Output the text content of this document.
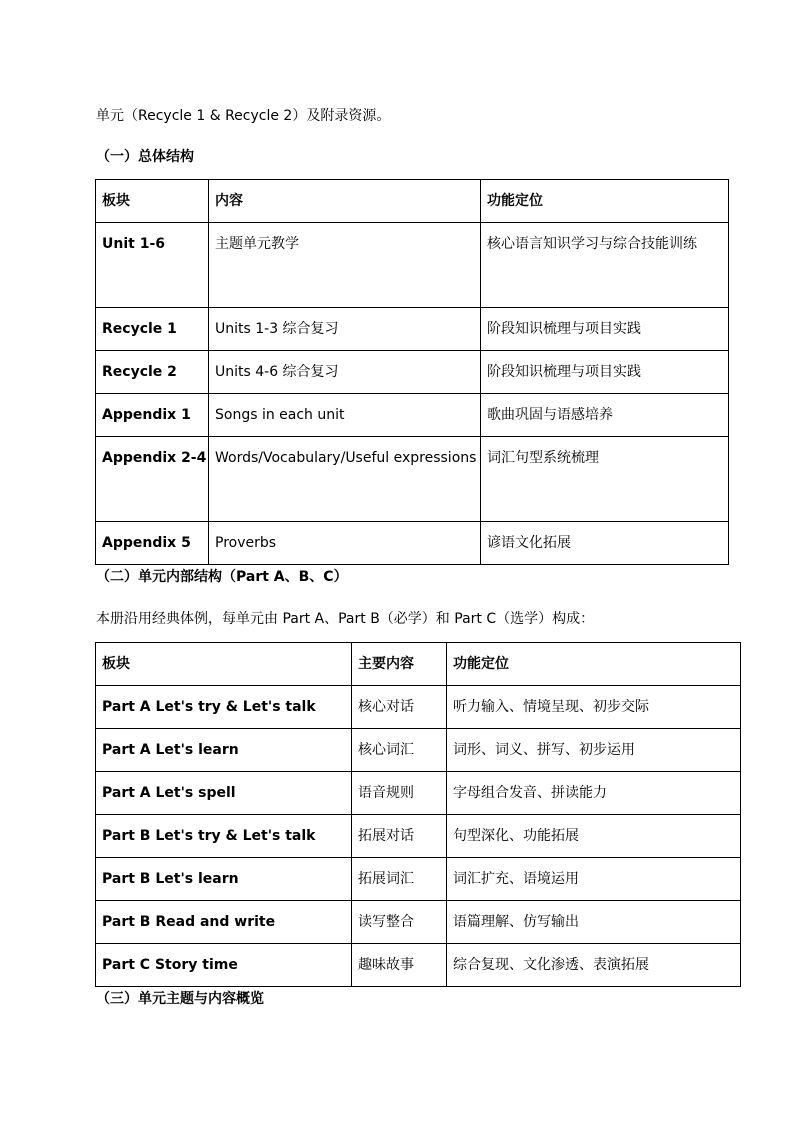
单元（Recycle 1 & Recycle 2）及附录资源。
（一）总体结构
板块	内容	功能定位
Unit 1-6	主题单元教学	核心语言知识学习与综合技能训练
Recycle 1	Units 1-3 综合复习	阶段知识梳理与项目实践
Recycle 2	Units 4-6 综合复习	阶段知识梳理与项目实践
Appendix 1	Songs in each unit	歌曲巩固与语感培养
Appendix 2-4	Words/Vocabulary/Useful expressions	词汇句型系统梳理
Appendix 5	Proverbs	谚语文化拓展
（二）单元内部结构（Part A、B、C）
本册沿用经典体例，每单元由 Part A、Part B（必学）和 Part C（选学）构成：
板块	主要内容	功能定位
Part A Let's try & Let's talk	核心对话	听力输入、情境呈现、初步交际
Part A Let's learn	核心词汇	词形、词义、拼写、初步运用
Part A Let's spell	语音规则	字母组合发音、拼读能力
Part B Let's try & Let's talk	拓展对话	句型深化、功能拓展
Part B Let's learn	拓展词汇	词汇扩充、语境运用
Part B Read and write	读写整合	语篇理解、仿写输出
Part C Story time	趣味故事	综合复现、文化渗透、表演拓展
（三）单元主题与内容概览
